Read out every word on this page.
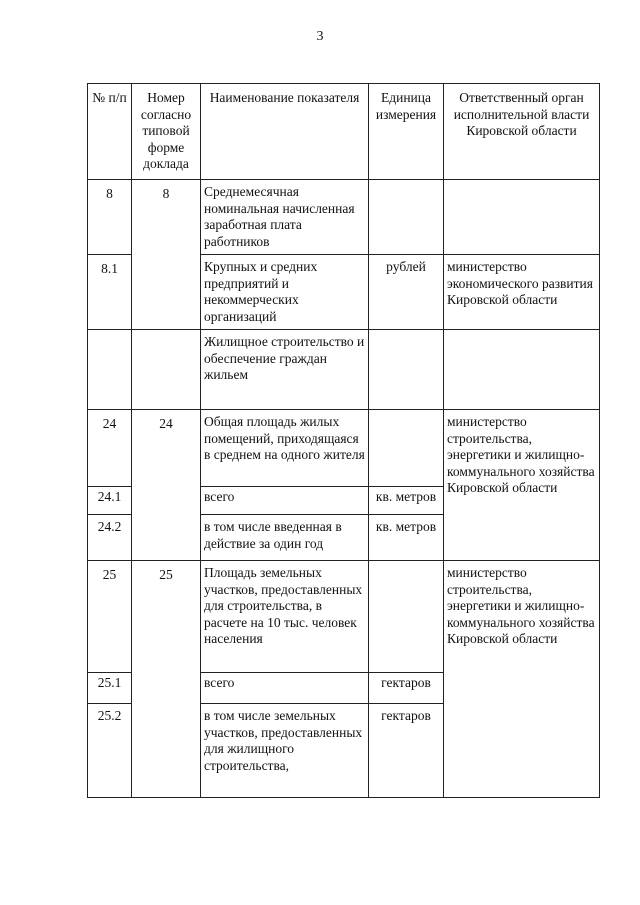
3
№ п/п	Номер согласно типовой форме доклада	Наименование показателя	Единица измерения	Ответственный орган исполнительной власти Кировской области
8	8	Среднемесячная номинальная начисленная заработная плата работников		
8.1		Крупных и средних предприятий и некоммерческих организаций	рублей	министерство экономического развития Кировской области
		Жилищное строительство и обеспечение граждан жильем		
24	24	Общая площадь жилых помещений, приходящаяся в среднем на одного жителя		министерство строительства, энергетики и жилищно-коммунального хозяйства Кировской области
24.1		всего	кв. метров	
24.2		в том числе введенная в действие за один год	кв. метров	
25	25	Площадь земельных участков, предоставленных для строительства, в расчете на 10 тыс. человек населения		министерство строительства, энергетики и жилищно-коммунального хозяйства Кировской области
25.1		всего	гектаров	
25.2		в том числе земельных участков, предоставленных для жилищного строительства,	гектаров	
